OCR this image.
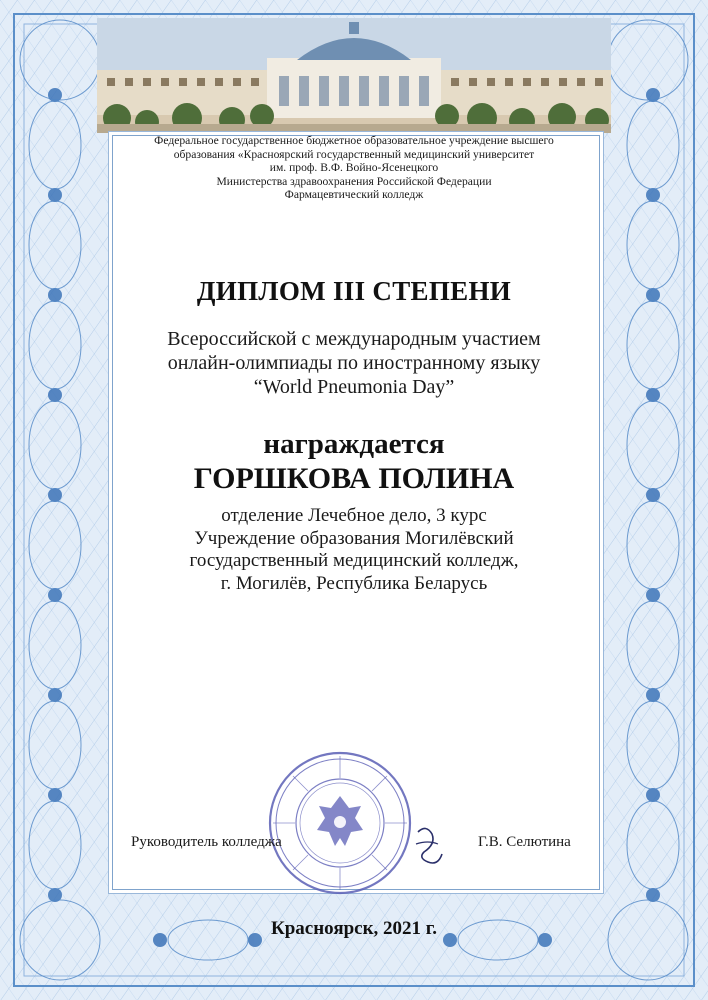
Федеральное государственное бюджетное образовательное учреждение высшего
образования «Красноярский государственный медицинский университет
им. проф. В.Ф. Войно-Ясенецкого
Министерства здравоохранения Российской Федерации
Фармацевтический колледж
ДИПЛОМ III СТЕПЕНИ
Всероссийской с международным участием
онлайн-олимпиады по иностранному языку
“World Pneumonia Day”
награждается
ГОРШКОВА ПОЛИНА
отделение Лечебное дело, 3 курс
Учреждение образования Могилёвский
государственный медицинский колледж,
г. Могилёв, Республика Беларусь
Руководитель колледжа	Г.В. Селютина
Красноярск, 2021 г.
